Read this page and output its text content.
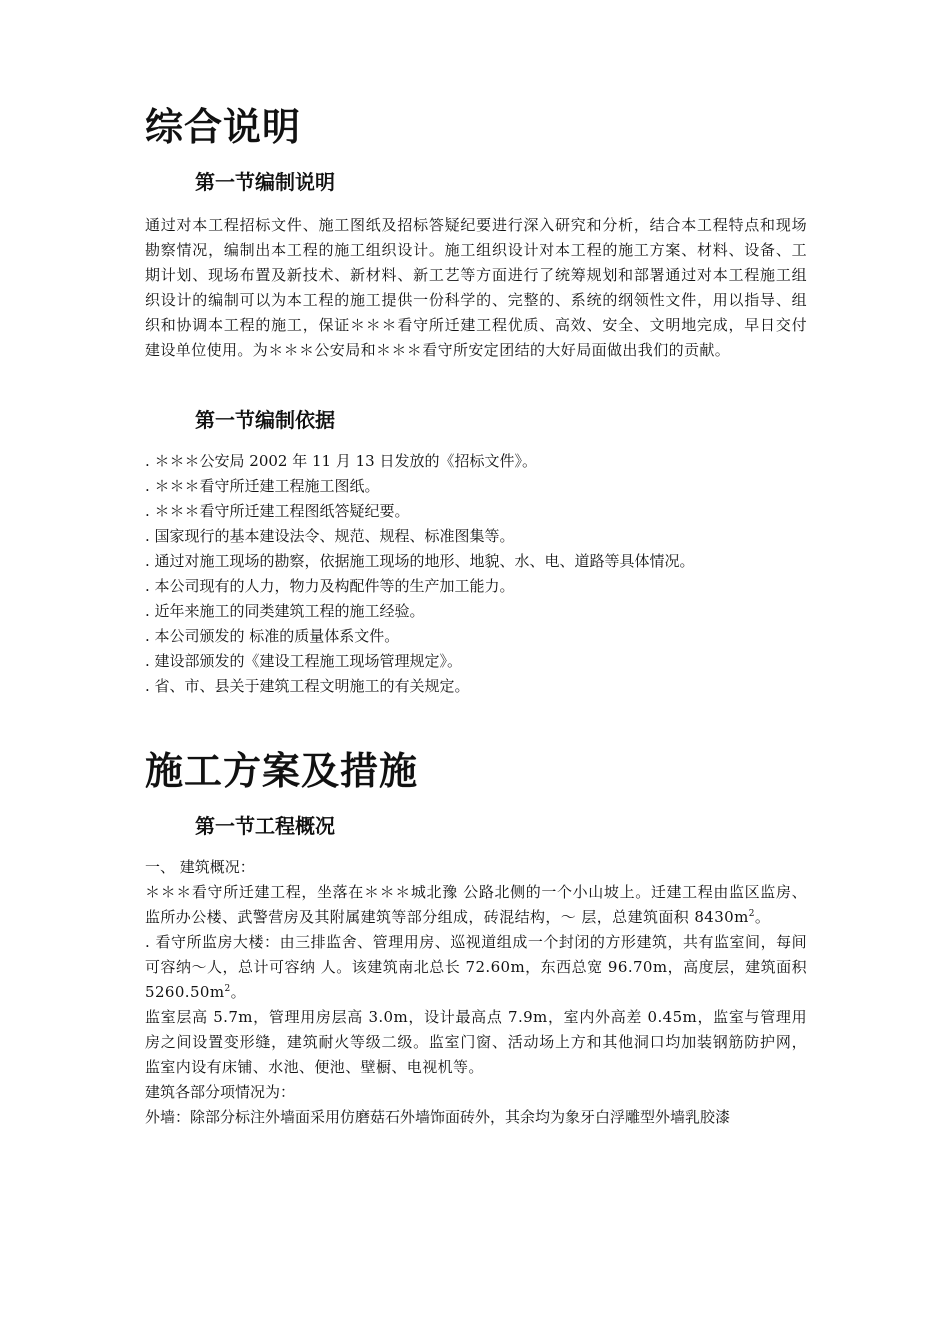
综合说明
第一节编制说明

通过对本工程招标文件、施工图纸及招标答疑纪要进行深入研究和分析，结合本工程特点和现场勘察情况，编制出本工程的施工组织设计。施工组织设计对本工程的施工方案、材料、设备、工期计划、现场布置及新技术、新材料、新工艺等方面进行了统筹规划和部署通过对本工程施工组织设计的编制可以为本工程的施工提供一份科学的、完整的、系统的纲领性文件，用以指导、组织和协调本工程的施工，保证＊＊＊看守所迁建工程优质、高效、安全、文明地完成，早日交付建设单位使用。为＊＊＊公安局和＊＊＊看守所安定团结的大好局面做出我们的贡献。

第一节编制依据

. ＊＊＊公安局 2002 年 11 月 13 日发放的《招标文件》。

. ＊＊＊看守所迁建工程施工图纸。

. ＊＊＊看守所迁建工程图纸答疑纪要。

. 国家现行的基本建设法令、规范、规程、标准图集等。

. 通过对施工现场的勘察，依据施工现场的地形、地貌、水、电、道路等具体情况。

. 本公司现有的人力，物力及构配件等的生产加工能力。

. 近年来施工的同类建筑工程的施工经验。

. 本公司颁发的 标准的质量体系文件。

. 建设部颁发的《建设工程施工现场管理规定》。

. 省、市、县关于建筑工程文明施工的有关规定。

施工方案及措施
第一节工程概况

一、 建筑概况：

＊＊＊看守所迁建工程，坐落在＊＊＊城北豫 公路北侧的一个小山坡上。迁建工程由监区监房、监所办公楼、武警营房及其附属建筑等部分组成，砖混结构，～ 层，总建筑面积 $8430m^2$。

. 看守所监房大楼：由三排监舍、管理用房、巡视道组成一个封闭的方形建筑，共有监室间，每间可容纳～人，总计可容纳 人。该建筑南北总长 72.60m，东西总宽 96.70m，高度层，建筑面积 $5260.50m^2$。

监室层高 5.7m，管理用房层高 3.0m，设计最高点 7.9m，室内外高差 0.45m，监室与管理用房之间设置变形缝，建筑耐火等级二级。监室门窗、活动场上方和其他洞口均加装钢筋防护网，监室内设有床铺、水池、便池、壁橱、电视机等。

建筑各部分项情况为：

外墙：除部分标注外墙面采用仿磨菇石外墙饰面砖外，其余均为象牙白浮雕型外墙乳胶漆
